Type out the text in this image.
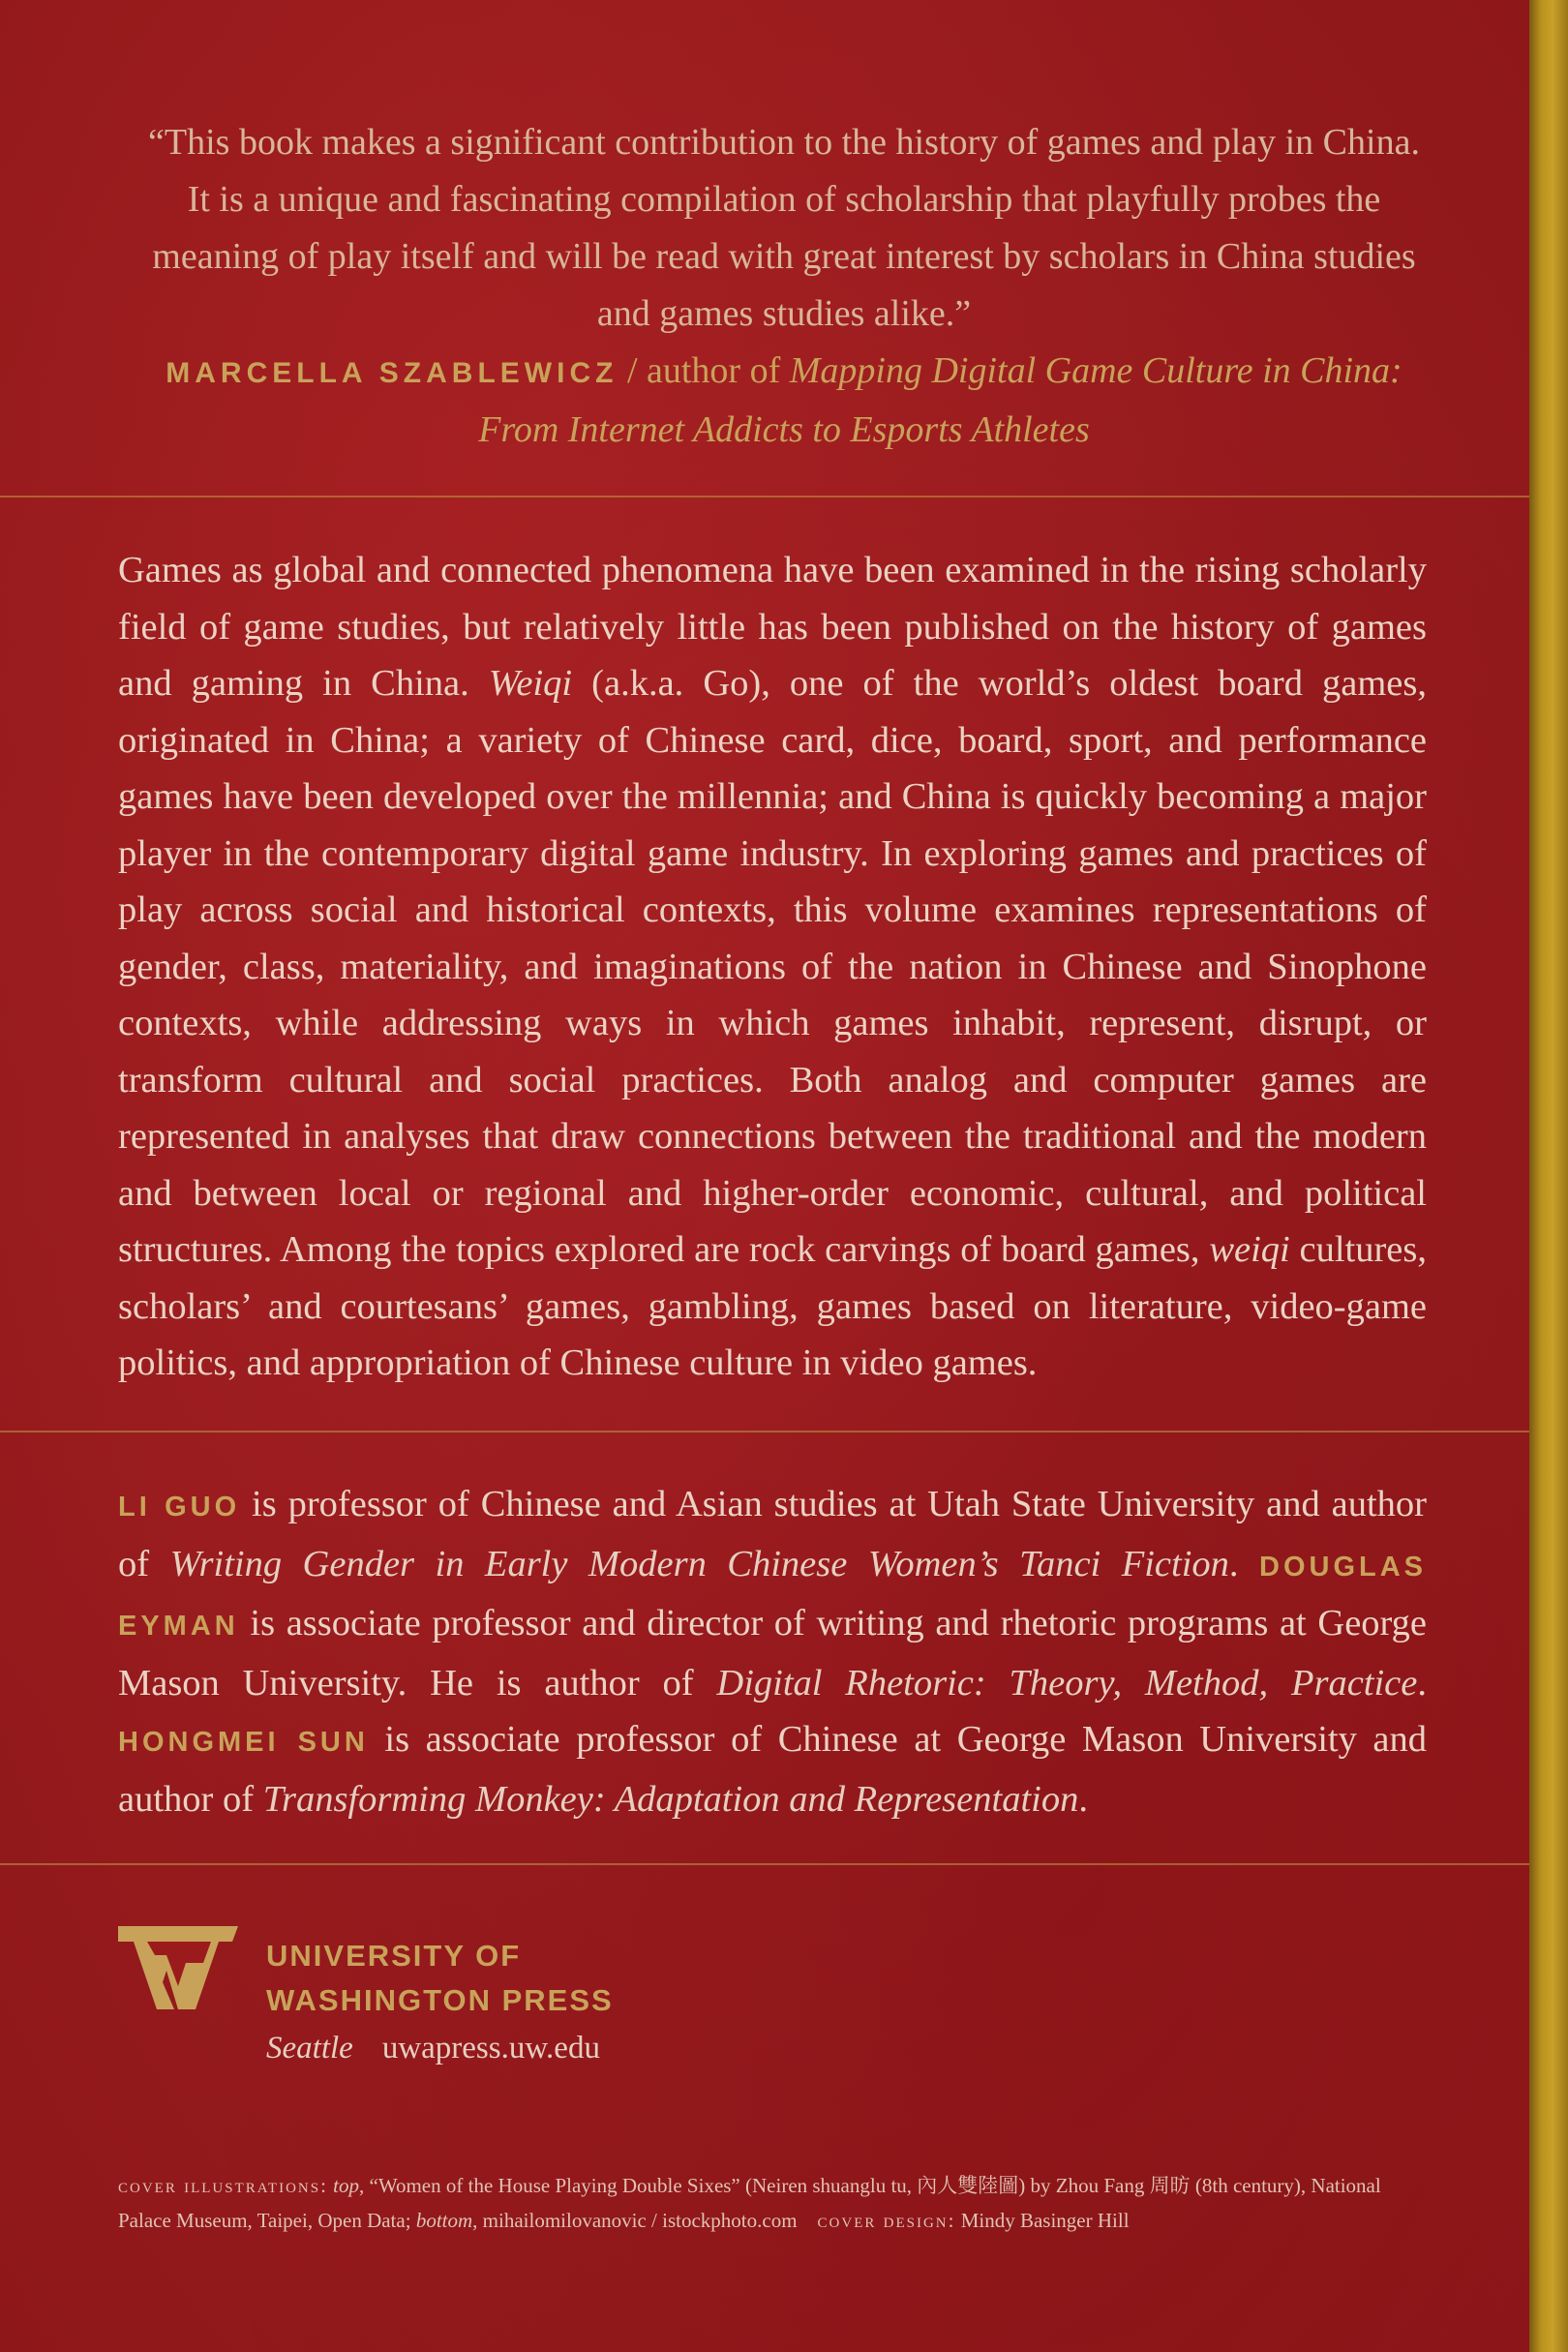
“This book makes a significant contribution to the history of games and play in China. It is a unique and fascinating compilation of scholarship that playfully probes the meaning of play itself and will be read with great interest by scholars in China studies and games studies alike.”
MARCELLA SZABLEWICZ / author of Mapping Digital Game Culture in China: From Internet Addicts to Esports Athletes
Games as global and connected phenomena have been examined in the rising scholarly field of game studies, but relatively little has been published on the history of games and gaming in China. Weiqi (a.k.a. Go), one of the world’s oldest board games, originated in China; a variety of Chinese card, dice, board, sport, and performance games have been developed over the millennia; and China is quickly becoming a major player in the contemporary digital game industry. In exploring games and practices of play across social and historical contexts, this volume examines representations of gender, class, materiality, and imaginations of the nation in Chinese and Sinophone contexts, while addressing ways in which games inhabit, represent, disrupt, or transform cultural and social practices. Both analog and computer games are represented in analyses that draw connections between the traditional and the modern and between local or regional and higher-order economic, cultural, and political structures. Among the topics explored are rock carvings of board games, weiqi cultures, scholars’ and courtesans’ games, gambling, games based on literature, video-game politics, and appropriation of Chinese culture in video games.
LI GUO is professor of Chinese and Asian studies at Utah State University and author of Writing Gender in Early Modern Chinese Women’s Tanci Fiction. DOUGLAS EYMAN is associate professor and director of writing and rhetoric programs at George Mason University. He is author of Digital Rhetoric: Theory, Method, Practice. HONGMEI SUN is associate professor of Chinese at George Mason University and author of Transforming Monkey: Adaptation and Representation.
UNIVERSITY OF
WASHINGTON PRESS
Seattle uwapress.uw.edu
cover illustrations: top, “Women of the House Playing Double Sixes” (Neiren shuanglu tu, 內人雙陸圖) by Zhou Fang 周昉 (8th century), National Palace Museum, Taipei, Open Data; bottom, mihailomilovanovic / istockphoto.com cover design: Mindy Basinger Hill
